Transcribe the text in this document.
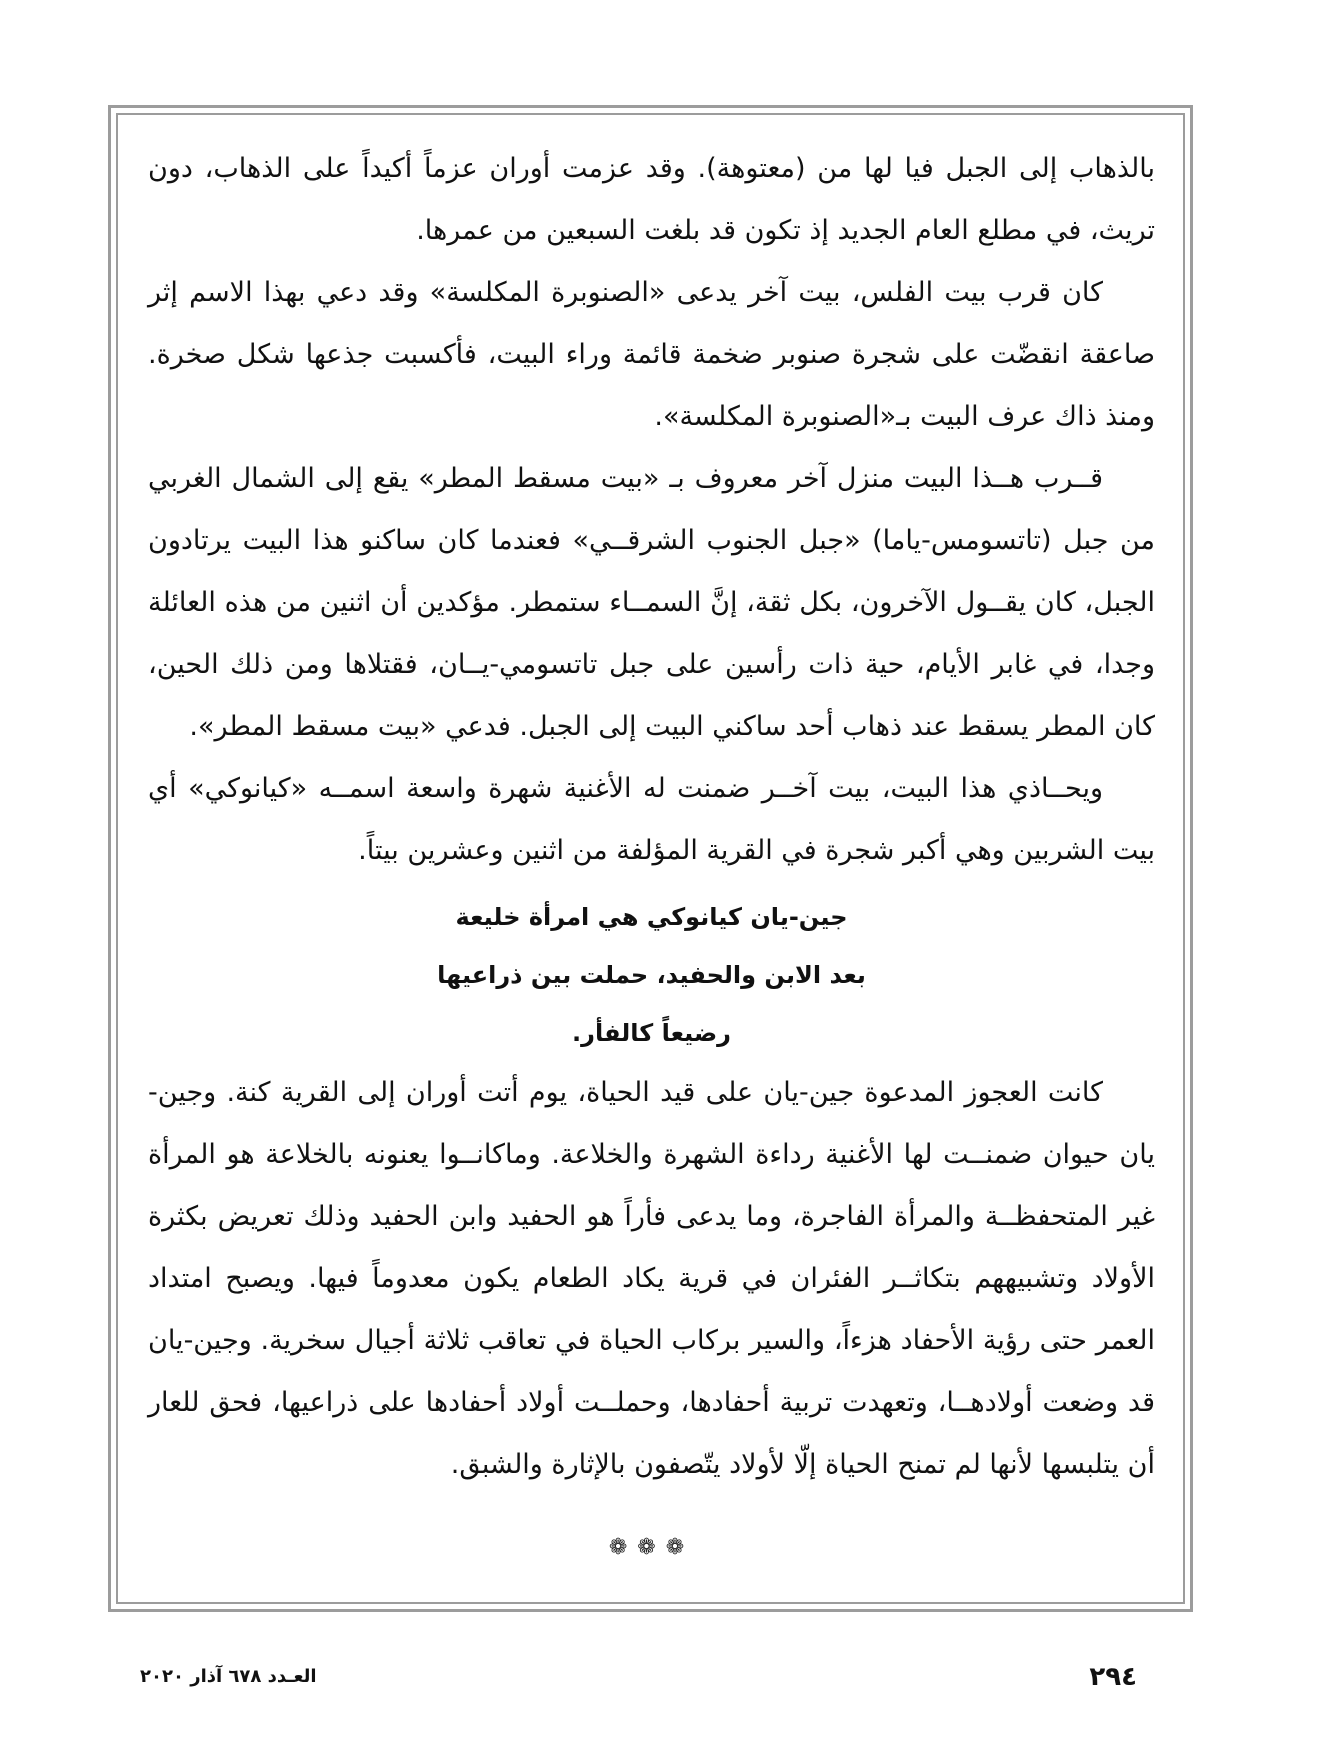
بالذهاب إلى الجبل فيا لها من (معتوهة). وقد عزمت أوران عزماً أكيداً على الذهاب، دون تريث، في مطلع العام الجديد إذ تكون قد بلغت السبعين من عمرها.

كان قرب بيت الفلس، بيت آخر يدعى «الصنوبرة المكلسة» وقد دعي بهذا الاسم إثر صاعقة انقضّت على شجرة صنوبر ضخمة قائمة وراء البيت، فأكسبت جذعها شكل صخرة. ومنذ ذاك عرف البيت بـ«الصنوبرة المكلسة».

قــرب هــذا البيت منزل آخر معروف بـ «بيت مسقط المطر» يقع إلى الشمال الغربي من جبل (تاتسومس-ياما) «جبل الجنوب الشرقــي» فعندما كان ساكنو هذا البيت يرتادون الجبل، كان يقــول الآخرون، بكل ثقة، إنَّ السمــاء ستمطر. مؤكدين أن اثنين من هذه العائلة وجدا، في غابر الأيام، حية ذات رأسين على جبل تاتسومي-يــان، فقتلاها ومن ذلك الحين، كان المطر يسقط عند ذهاب أحد ساكني البيت إلى الجبل. فدعي «بيت مسقط المطر».

ويحــاذي هذا البيت، بيت آخــر ضمنت له الأغنية شهرة واسعة اسمــه «كيانوكي» أي بيت الشربين وهي أكبر شجرة في القرية المؤلفة من اثنين وعشرين بيتاً.

جين-يان كيانوكي هي امرأة خليعة

بعد الابن والحفيد، حملت بين ذراعيها

رضيعاً كالفأر.

كانت العجوز المدعوة جين-يان على قيد الحياة، يوم أتت أوران إلى القرية كنة. وجين-يان حيوان ضمنــت لها الأغنية رداءة الشهرة والخلاعة. وماكانــوا يعنونه بالخلاعة هو المرأة غير المتحفظــة والمرأة الفاجرة، وما يدعى فأراً هو الحفيد وابن الحفيد وذلك تعريض بكثرة الأولاد وتشبيههم بتكاثــر الفئران في قرية يكاد الطعام يكون معدوماً فيها. ويصبح امتداد العمر حتى رؤية الأحفاد هزءاً، والسير بركاب الحياة في تعاقب ثلاثة أجيال سخرية. وجين-يان قد وضعت أولادهــا، وتعهدت تربية أحفادها، وحملــت أولاد أحفادها على ذراعيها، فحق للعار أن يتلبسها لأنها لم تمنح الحياة إلّا لأولاد يتّصفون بالإثارة والشبق.

❁❁❁
٢٩٤
العـدد ٦٧٨ آذار ٢٠٢٠
